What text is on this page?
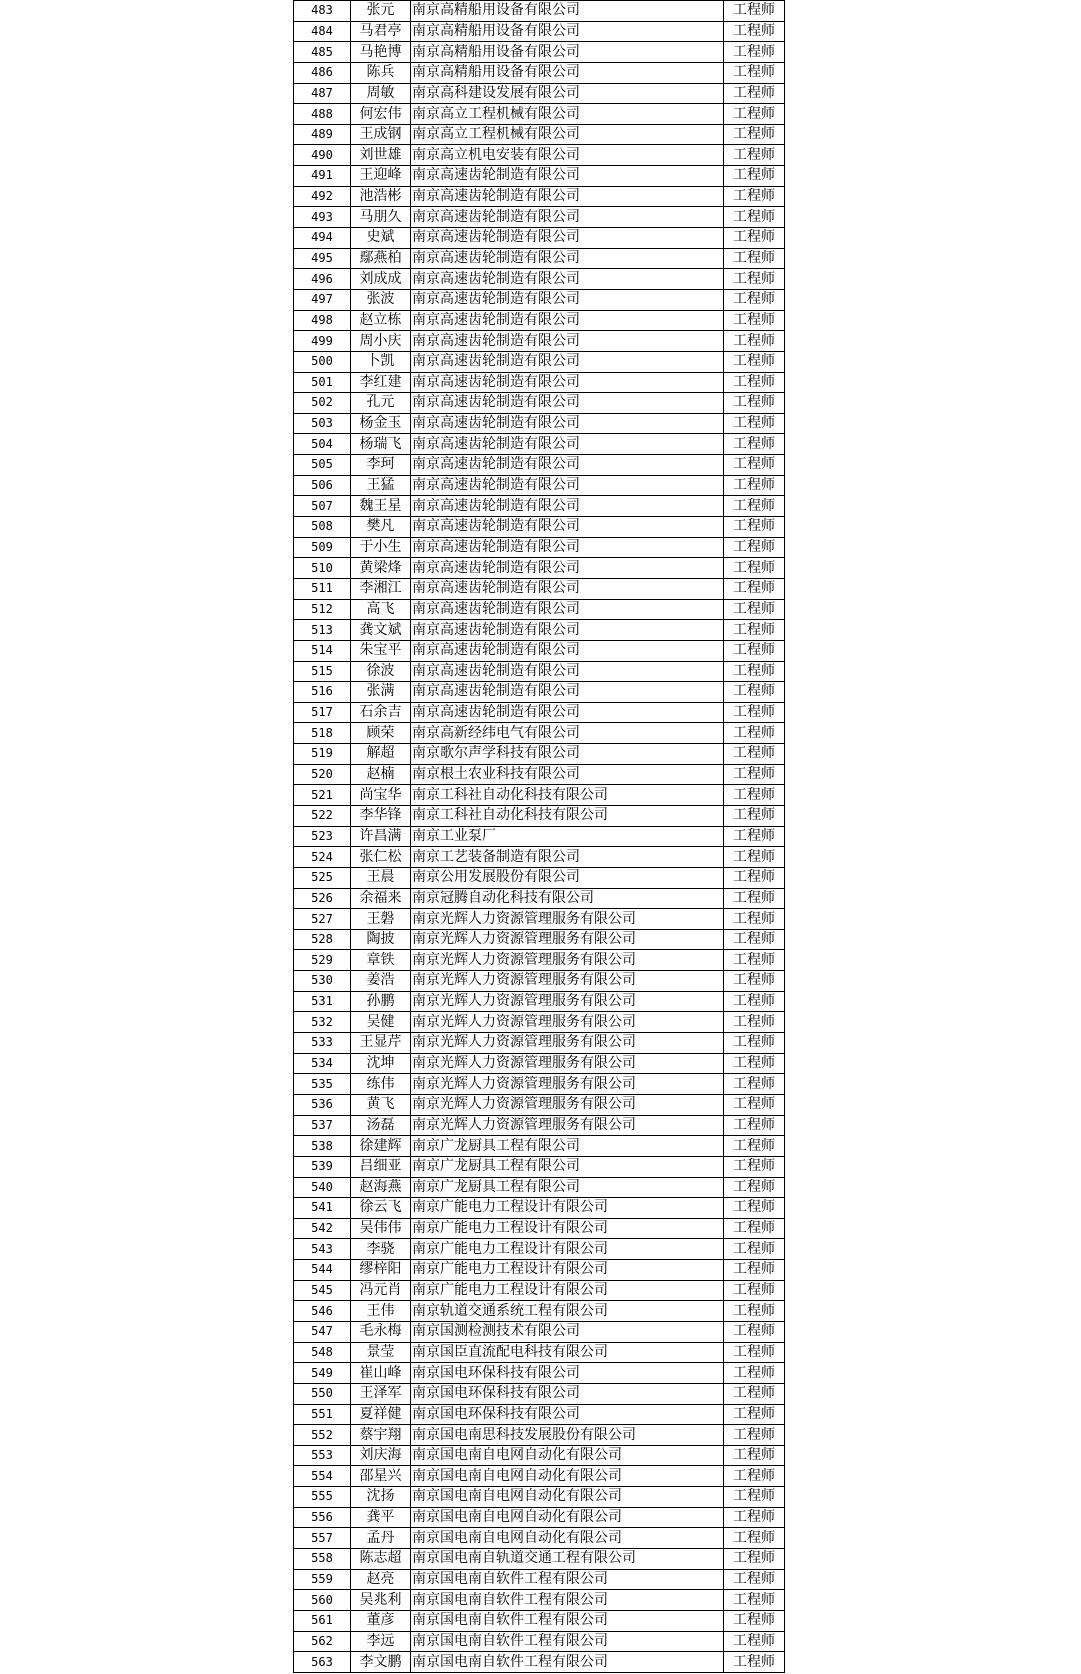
483	张元	南京高精船用设备有限公司	工程师
484	马君亭	南京高精船用设备有限公司	工程师
485	马艳博	南京高精船用设备有限公司	工程师
486	陈兵	南京高精船用设备有限公司	工程师
487	周敏	南京高科建设发展有限公司	工程师
488	何宏伟	南京高立工程机械有限公司	工程师
489	王成钢	南京高立工程机械有限公司	工程师
490	刘世雄	南京高立机电安装有限公司	工程师
491	王迎峰	南京高速齿轮制造有限公司	工程师
492	池浩彬	南京高速齿轮制造有限公司	工程师
493	马朋久	南京高速齿轮制造有限公司	工程师
494	史斌	南京高速齿轮制造有限公司	工程师
495	鄢燕柏	南京高速齿轮制造有限公司	工程师
496	刘成成	南京高速齿轮制造有限公司	工程师
497	张波	南京高速齿轮制造有限公司	工程师
498	赵立栋	南京高速齿轮制造有限公司	工程师
499	周小庆	南京高速齿轮制造有限公司	工程师
500	卜凯	南京高速齿轮制造有限公司	工程师
501	李红建	南京高速齿轮制造有限公司	工程师
502	孔元	南京高速齿轮制造有限公司	工程师
503	杨金玉	南京高速齿轮制造有限公司	工程师
504	杨瑞飞	南京高速齿轮制造有限公司	工程师
505	李珂	南京高速齿轮制造有限公司	工程师
506	王猛	南京高速齿轮制造有限公司	工程师
507	魏王星	南京高速齿轮制造有限公司	工程师
508	樊凡	南京高速齿轮制造有限公司	工程师
509	于小生	南京高速齿轮制造有限公司	工程师
510	黄梁烽	南京高速齿轮制造有限公司	工程师
511	李湘江	南京高速齿轮制造有限公司	工程师
512	高飞	南京高速齿轮制造有限公司	工程师
513	龚文斌	南京高速齿轮制造有限公司	工程师
514	朱宝平	南京高速齿轮制造有限公司	工程师
515	徐波	南京高速齿轮制造有限公司	工程师
516	张满	南京高速齿轮制造有限公司	工程师
517	石余吉	南京高速齿轮制造有限公司	工程师
518	顾荣	南京高新经纬电气有限公司	工程师
519	解超	南京歌尔声学科技有限公司	工程师
520	赵楠	南京根土农业科技有限公司	工程师
521	尚宝华	南京工科社自动化科技有限公司	工程师
522	李华锋	南京工科社自动化科技有限公司	工程师
523	许昌满	南京工业泵厂	工程师
524	张仁松	南京工艺装备制造有限公司	工程师
525	王晨	南京公用发展股份有限公司	工程师
526	余福来	南京冠腾自动化科技有限公司	工程师
527	王磐	南京光辉人力资源管理服务有限公司	工程师
528	陶披	南京光辉人力资源管理服务有限公司	工程师
529	章铁	南京光辉人力资源管理服务有限公司	工程师
530	姜浩	南京光辉人力资源管理服务有限公司	工程师
531	孙鹏	南京光辉人力资源管理服务有限公司	工程师
532	吴健	南京光辉人力资源管理服务有限公司	工程师
533	王显芹	南京光辉人力资源管理服务有限公司	工程师
534	沈坤	南京光辉人力资源管理服务有限公司	工程师
535	练伟	南京光辉人力资源管理服务有限公司	工程师
536	黄飞	南京光辉人力资源管理服务有限公司	工程师
537	汤磊	南京光辉人力资源管理服务有限公司	工程师
538	徐建辉	南京广龙厨具工程有限公司	工程师
539	吕细亚	南京广龙厨具工程有限公司	工程师
540	赵海燕	南京广龙厨具工程有限公司	工程师
541	徐云飞	南京广能电力工程设计有限公司	工程师
542	吴伟伟	南京广能电力工程设计有限公司	工程师
543	李骁	南京广能电力工程设计有限公司	工程师
544	缪梓阳	南京广能电力工程设计有限公司	工程师
545	冯元肖	南京广能电力工程设计有限公司	工程师
546	王伟	南京轨道交通系统工程有限公司	工程师
547	毛永梅	南京国测检测技术有限公司	工程师
548	景莹	南京国臣直流配电科技有限公司	工程师
549	崔山峰	南京国电环保科技有限公司	工程师
550	王泽军	南京国电环保科技有限公司	工程师
551	夏祥健	南京国电环保科技有限公司	工程师
552	蔡宇翔	南京国电南思科技发展股份有限公司	工程师
553	刘庆海	南京国电南自电网自动化有限公司	工程师
554	邵星兴	南京国电南自电网自动化有限公司	工程师
555	沈扬	南京国电南自电网自动化有限公司	工程师
556	龚平	南京国电南自电网自动化有限公司	工程师
557	孟丹	南京国电南自电网自动化有限公司	工程师
558	陈志超	南京国电南自轨道交通工程有限公司	工程师
559	赵亮	南京国电南自软件工程有限公司	工程师
560	吴兆利	南京国电南自软件工程有限公司	工程师
561	董彦	南京国电南自软件工程有限公司	工程师
562	李远	南京国电南自软件工程有限公司	工程师
563	李文鹏	南京国电南自软件工程有限公司	工程师
